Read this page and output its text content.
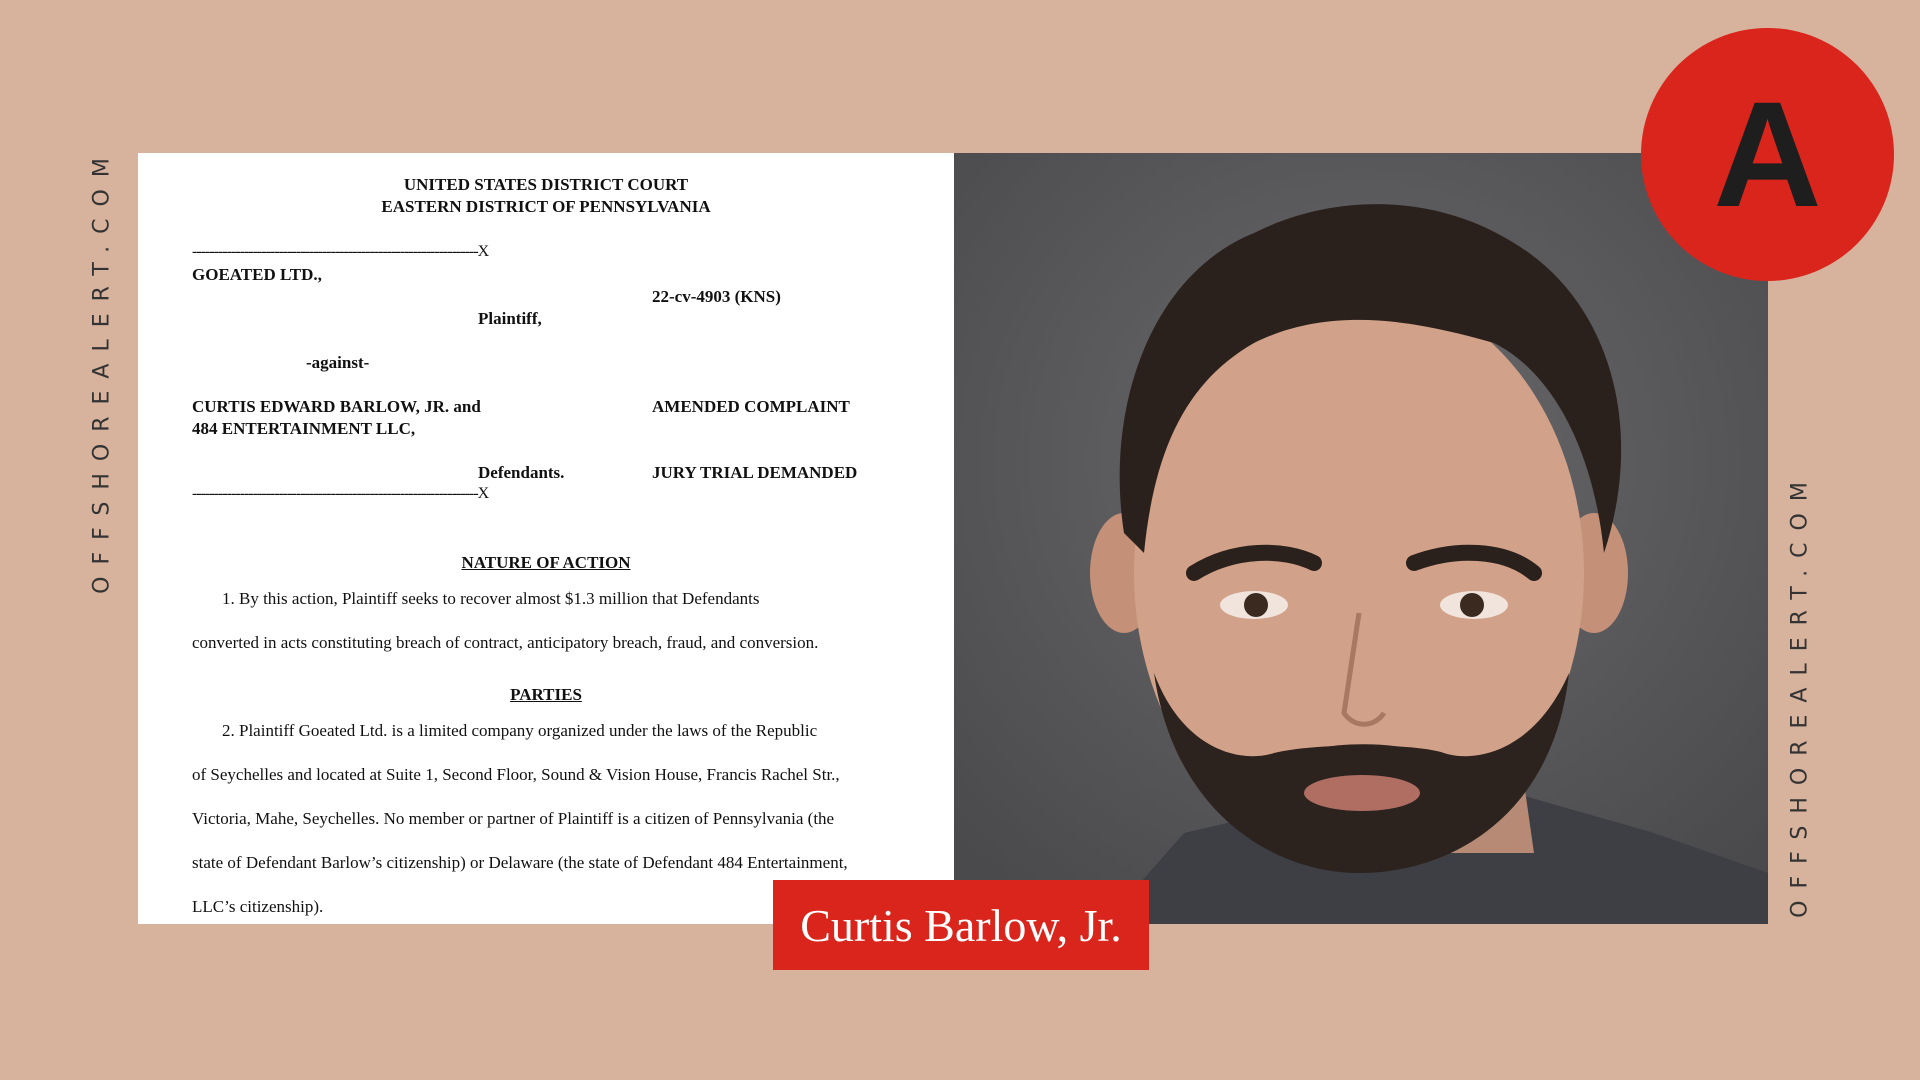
OFFSHOREALERT.COM
OFFSHOREALERT.COM
UNITED STATES DISTRICT COURT
EASTERN DISTRICT OF PENNSYLVANIA
------------------------------------------------------------------X
GOEATED LTD.,
22-cv-4903 (KNS)
Plaintiff,
-against-
CURTIS EDWARD BARLOW, JR. and
484 ENTERTAINMENT LLC,
AMENDED COMPLAINT
Defendants.	JURY TRIAL DEMANDED
------------------------------------------------------------------X
NATURE OF ACTION
1. By this action, Plaintiff seeks to recover almost $1.3 million that Defendants
converted in acts constituting breach of contract, anticipatory breach, fraud, and conversion.
PARTIES
2. Plaintiff Goeated Ltd. is a limited company organized under the laws of the Republic
of Seychelles and located at Suite 1, Second Floor, Sound & Vision House, Francis Rachel Str.,
Victoria, Mahe, Seychelles. No member or partner of Plaintiff is a citizen of Pennsylvania (the
state of Defendant Barlow’s citizenship) or Delaware (the state of Defendant 484 Entertainment,
LLC’s citizenship).
A
Curtis Barlow, Jr.
